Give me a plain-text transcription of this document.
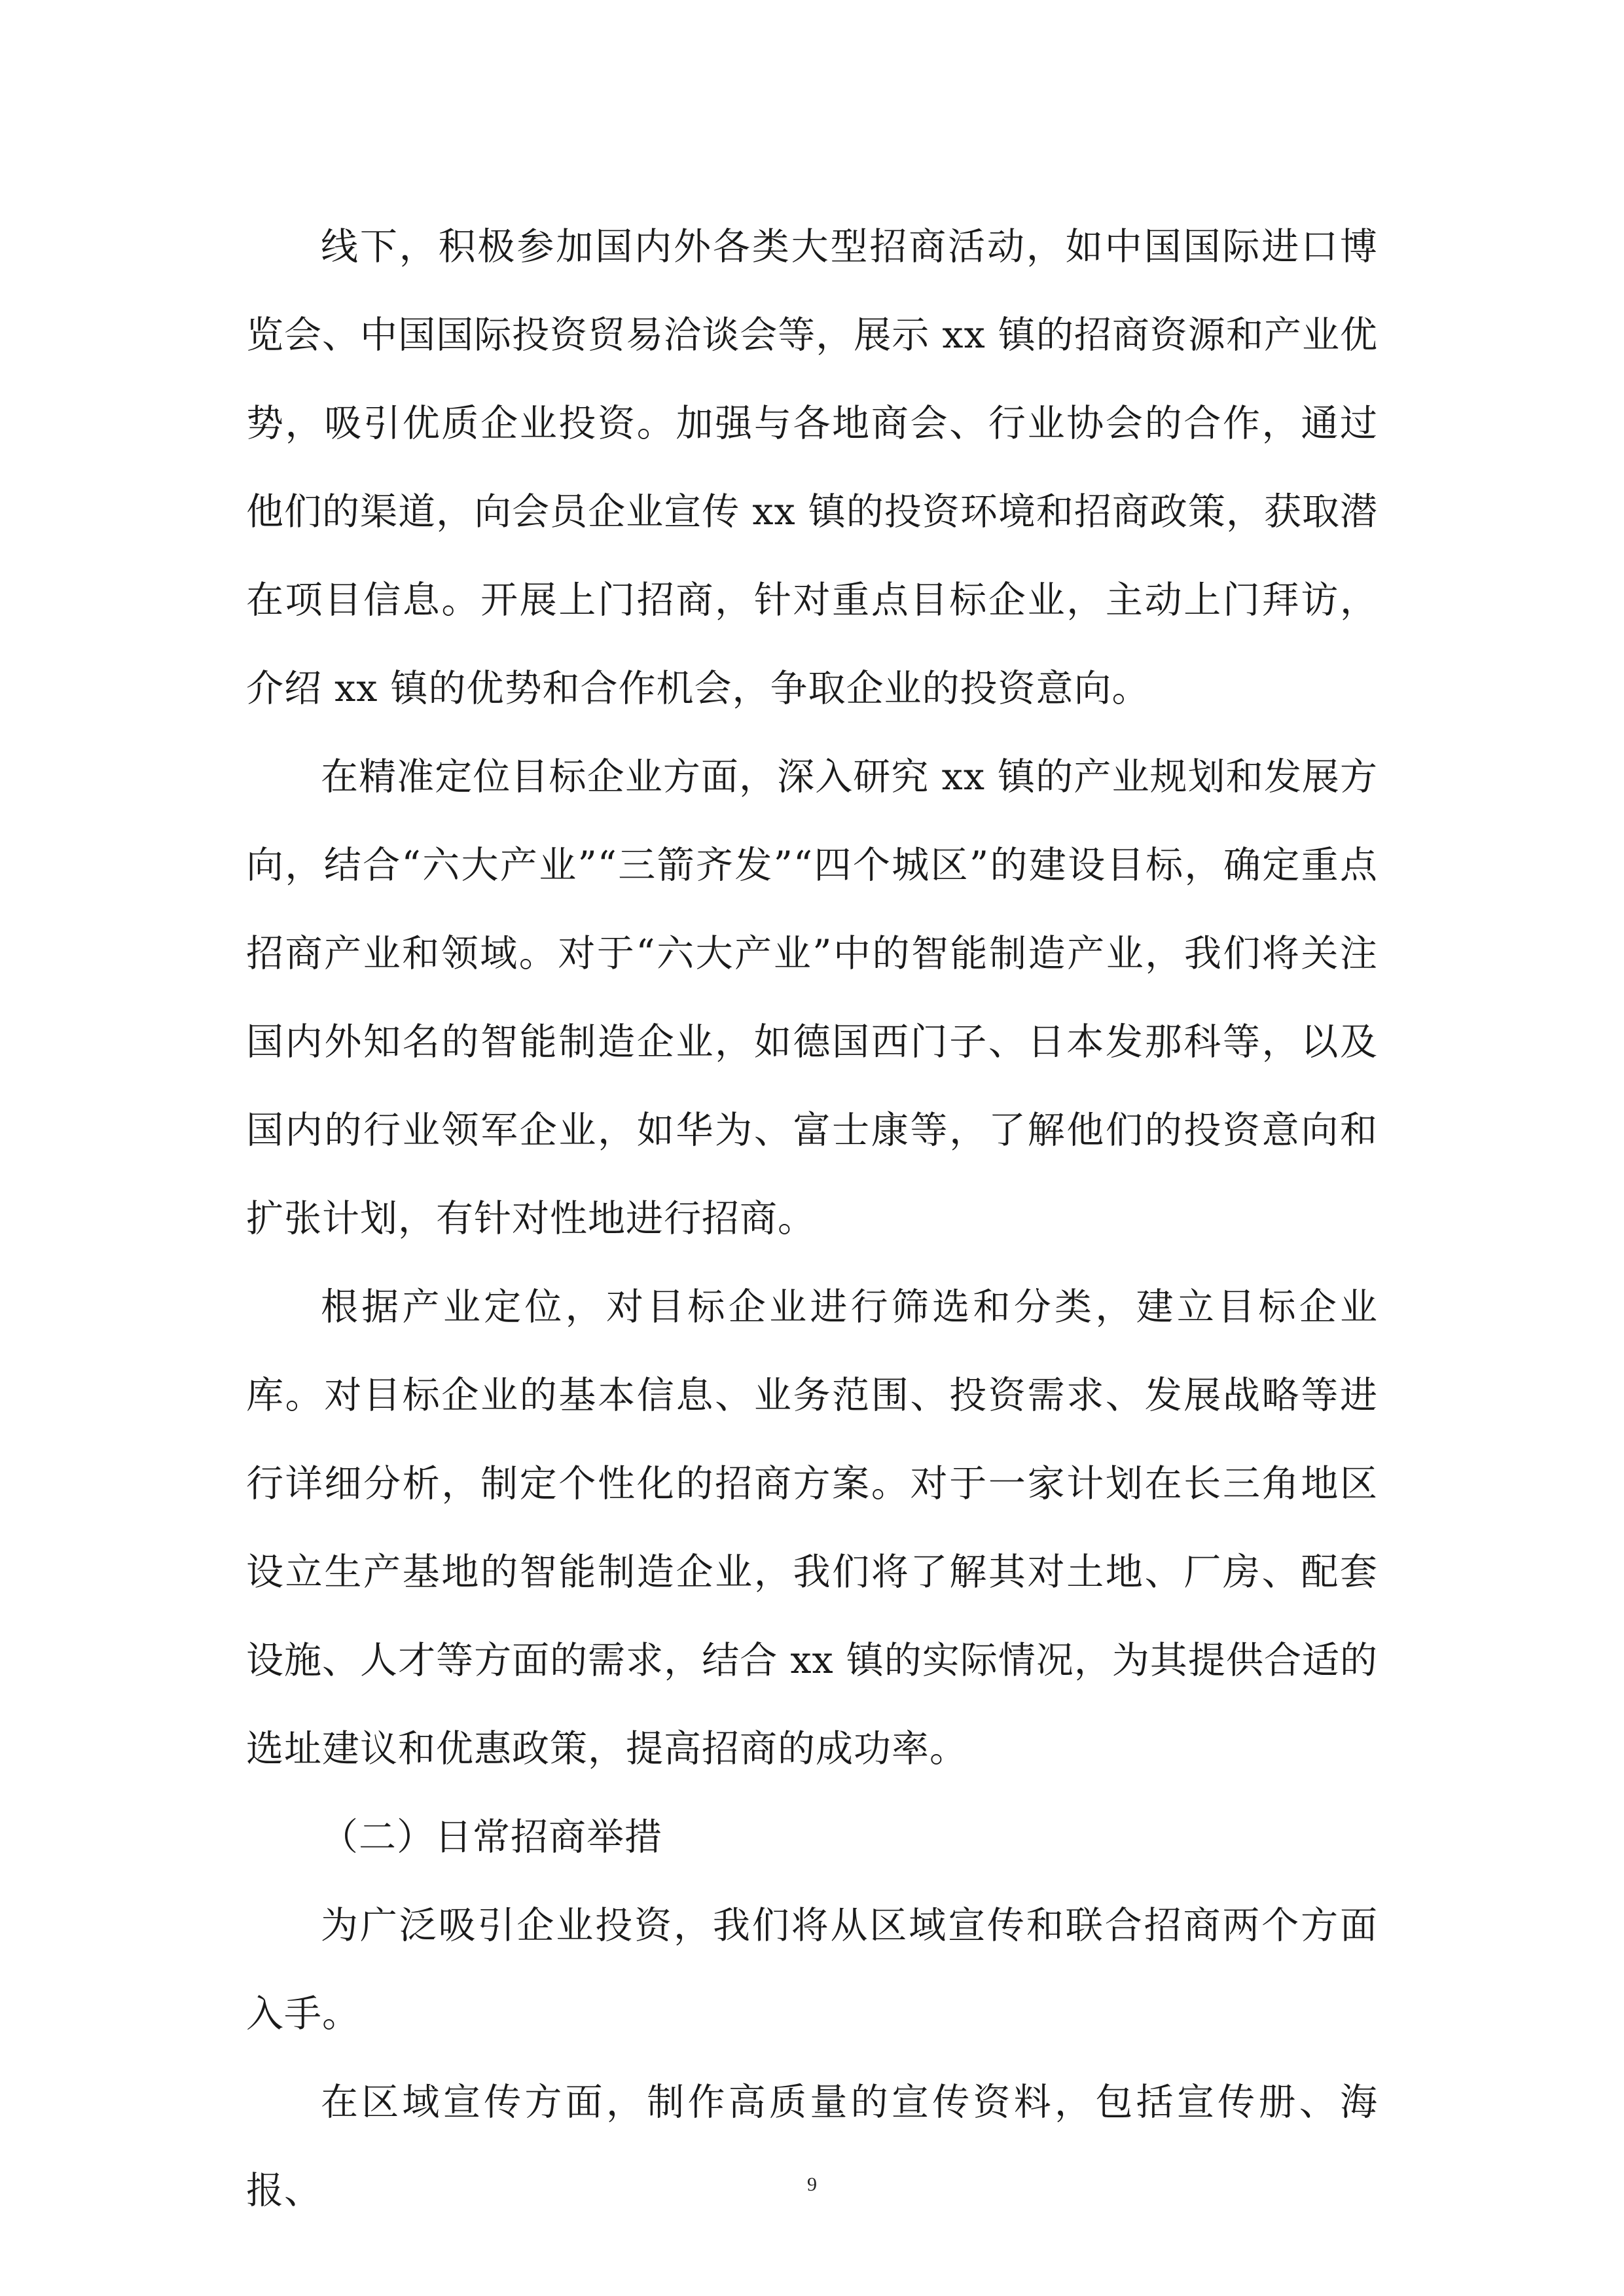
线下，积极参加国内外各类大型招商活动，如中国国际进口博览会、中国国际投资贸易洽谈会等，展示 xx 镇的招商资源和产业优势，吸引优质企业投资。加强与各地商会、行业协会的合作，通过他们的渠道，向会员企业宣传 xx 镇的投资环境和招商政策，获取潜在项目信息。开展上门招商，针对重点目标企业，主动上门拜访，介绍 xx 镇的优势和合作机会，争取企业的投资意向。

在精准定位目标企业方面，深入研究 xx 镇的产业规划和发展方向，结合“六大产业”“三箭齐发”“四个城区”的建设目标，确定重点招商产业和领域。对于“六大产业”中的智能制造产业，我们将关注国内外知名的智能制造企业，如德国西门子、日本发那科等，以及国内的行业领军企业，如华为、富士康等，了解他们的投资意向和扩张计划，有针对性地进行招商。

根据产业定位，对目标企业进行筛选和分类，建立目标企业库。对目标企业的基本信息、业务范围、投资需求、发展战略等进行详细分析，制定个性化的招商方案。对于一家计划在长三角地区设立生产基地的智能制造企业，我们将了解其对土地、厂房、配套设施、人才等方面的需求，结合 xx 镇的实际情况，为其提供合适的选址建议和优惠政策，提高招商的成功率。

（二）日常招商举措

为广泛吸引企业投资，我们将从区域宣传和联合招商两个方面入手。

在区域宣传方面，制作高质量的宣传资料，包括宣传册、海报、	9
